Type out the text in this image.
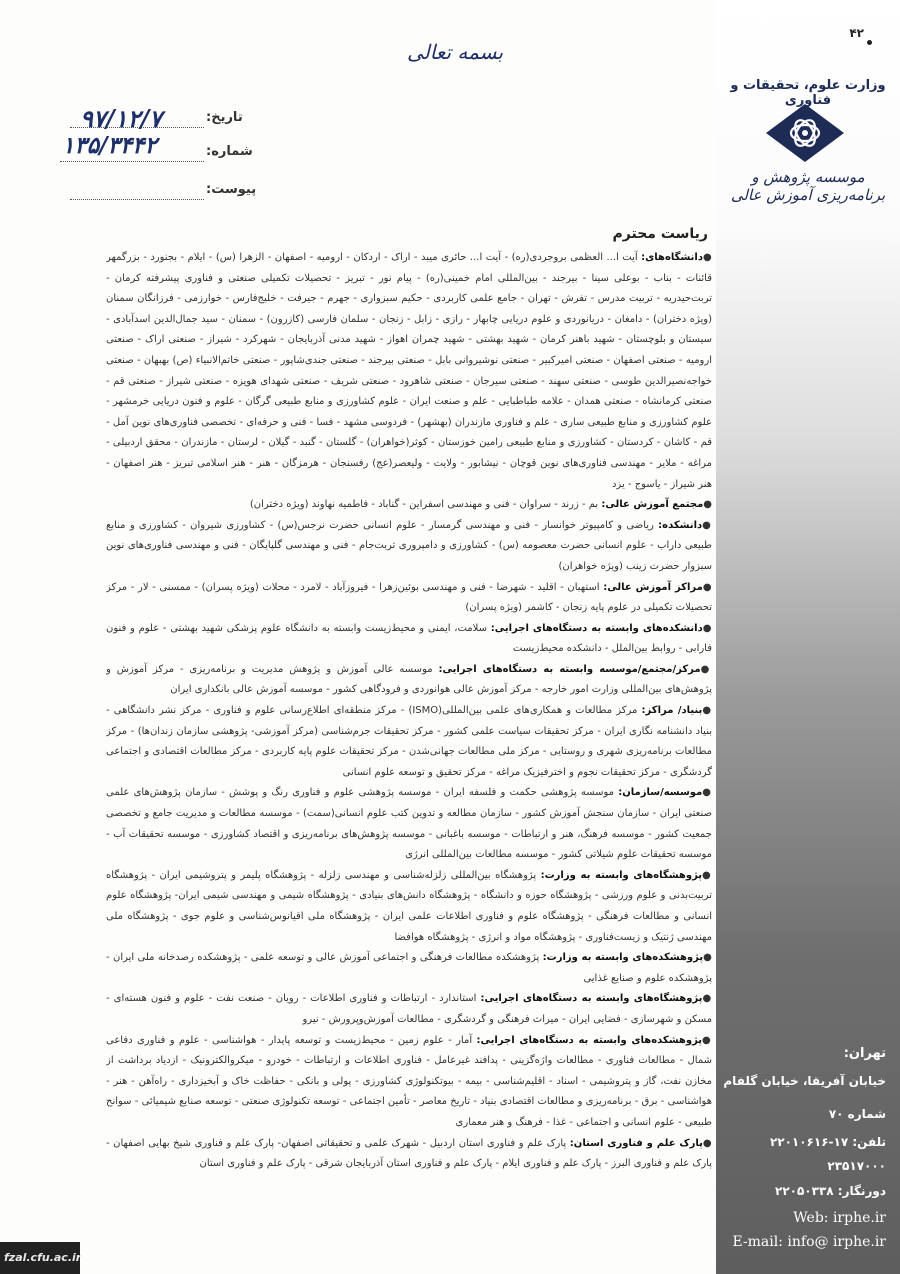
۴۲
وزارت علوم، تحقیقات و فناوری
موسسه پژوهش و برنامه‌ریزی آموزش عالی
تهران:
خیابان آفریقا، خیابان گلفام
شماره ۷۰
تلفن: ۱۷-۲۲۰۱۰۶۱۶
۲۳۵۱۷۰۰۰
دورنگار: ۲۲۰۵۰۳۳۸
Web: irphe.ir
E-mail: info@ irphe.ir
بسمه تعالی
تاریخ:
۹۷/۱۲/۷
شماره:
۱۳۵/۳۴۴۲
پیوست:
ریاست محترم

●دانشگاه‌های: آیت ا... العظمی بروجردی(ره) - آیت ا... حائری میبد - اراک - اردکان - ارومیه - اصفهان - الزهرا (س) - ایلام - بجنورد - بزرگمهر قائنات - بناب - بوعلی سینا - بیرجند - بین‌المللی امام خمینی(ره) - پیام نور - تبریز - تحصیلات تکمیلی صنعتی و فناوری پیشرفته کرمان - تربت‌حیدریه - تربیت مدرس - تفرش - تهران - جامع علمی کاربردی - حکیم سبزواری - جهرم - جیرفت - خلیج‌فارس - خوارزمی - فرزانگان سمنان (ویژه دختران) - دامغان - دریانوردی و علوم دریایی چابهار - رازی - زابل - زنجان - سلمان فارسی (کازرون) - سمنان - سید جمال‌الدین اسدآبادی - سیستان و بلوچستان - شهید باهنر کرمان - شهید بهشتی - شهید چمران اهواز - شهید مدنی آذربایجان - شهرکرد - شیراز - صنعتی اراک - صنعتی ارومیه - صنعتی اصفهان - صنعتی امیرکبیر - صنعتی نوشیروانی بابل - صنعتی بیرجند - صنعتی جندی‌شاپور - صنعتی خاتم‌الانبیاء (ص) بهبهان - صنعتی خواجه‌نصیرالدین طوسی - صنعتی سهند - صنعتی سیرجان - صنعتی شاهرود - صنعتی شریف - صنعتی شهدای هویزه - صنعتی شیراز - صنعتی قم - صنعتی کرمانشاه - صنعتی همدان - علامه طباطبایی - علم و صنعت ایران - علوم کشاورزی و منابع طبیعی گرگان - علوم و فنون دریایی خرمشهر - علوم کشاورزی و منابع طبیعی ساری - علم و فناوری مازندران (بهشهر) - فردوسی مشهد - فسا - فنی و حرفه‌ای - تخصصی فناوری‌های نوین آمل - قم - کاشان - کردستان - کشاورزی و منابع طبیعی رامین خوزستان - کوثر(خواهران) - گلستان - گنبد - گیلان - لرستان - مازندران - محقق اردبیلی - مراغه - ملایر - مهندسی فناوری‌های نوین قوچان - نیشابور - ولایت - ولیعصر(عج) رفسنجان - هرمزگان - هنر - هنر اسلامی تبریز - هنر اصفهان - هنر شیراز - یاسوج - یزد

●مجتمع آموزش عالی: بم - زرند - سراوان - فنی و مهندسی اسفراین - گناباد - فاطمیه نهاوند (ویژه دختران)

●دانشکده: ریاضی و کامپیوتر خوانسار - فنی و مهندسی گرمسار - علوم انسانی حضرت نرجس(س) - کشاورزی شیروان - کشاورزی و منابع طبیعی داراب - علوم انسانی حضرت معصومه (س) - کشاورزی و دامپروری تربت‌جام - فنی و مهندسی گلپایگان - فنی و مهندسی فناوری‌های نوین سبزوار حضرت زینب (ویژه خواهران)

●مراکز آموزش عالی: استهبان - اقلید - شهرضا - فنی و مهندسی بوئین‌زهرا - فیروزآباد - لامرد - محلات (ویژه پسران) - ممسنی - لار - مرکز تحصیلات تکمیلی در علوم پایه زنجان - کاشمر (ویژه پسران)

●دانشکده‌های وابسته به دستگاه‌های اجرایی: سلامت، ایمنی و محیط‌زیست وابسته به دانشگاه علوم پزشکی شهید بهشتی - علوم و فنون فارابی - روابط بین‌الملل - دانشکده محیط‌زیست

●مرکز/مجتمع/موسسه وابسته به دستگاه‌های اجرایی: موسسه عالی آموزش و پژوهش مدیریت و برنامه‌ریزی - مرکز آموزش و پژوهش‌های بین‌المللی وزارت امور خارجه - مرکز آموزش عالی هوانوردی و فرودگاهی کشور - موسسه آموزش عالی بانکداری ایران

●بنیاد/ مراکز: مرکز مطالعات و همکاری‌های علمی بین‌المللی(ISMO) - مرکز منطقه‌ای اطلاع‌رسانی علوم و فناوری - مرکز نشر دانشگاهی - بنیاد دانشنامه نگاری ایران - مرکز تحقیقات سیاست علمی کشور - مرکز تحقیقات جرم‌شناسی (مرکز آموزشی- پژوهشی سازمان زندان‌ها) - مرکز مطالعات برنامه‌ریزی شهری و روستایی - مرکز ملی مطالعات جهانی‌شدن - مرکز تحقیقات علوم پایه کاربردی - مرکز مطالعات اقتصادی و اجتماعی گردشگری - مرکز تحقیقات نجوم و اخترفیزیک مراغه - مرکز تحقیق و توسعه علوم انسانی

●موسسه/سازمان: موسسه پژوهشی حکمت و فلسفه ایران - موسسه پژوهشی علوم و فناوری رنگ و پوشش - سازمان پژوهش‌های علمی صنعتی ایران - سازمان سنجش آموزش کشور - سازمان مطالعه و تدوین کتب علوم انسانی(سمت) - موسسه مطالعات و مدیریت جامع و تخصصی جمعیت کشور - موسسه فرهنگ، هنر و ارتباطات - موسسه باغبانی - موسسه پژوهش‌های برنامه‌ریزی و اقتصاد کشاورزی - موسسه تحقیقات آب - موسسه تحقیقات علوم شیلاتی کشور - موسسه مطالعات بین‌المللی انرژی

●پژوهشگاه‌های وابسته به وزارت: پژوهشگاه بین‌المللی زلزله‌شناسی و مهندسی زلزله - پژوهشگاه پلیمر و پتروشیمی ایران - پژوهشگاه تربیت‌بدنی و علوم ورزشی - پژوهشگاه حوزه و دانشگاه - پژوهشگاه دانش‌های بنیادی - پژوهشگاه شیمی و مهندسی شیمی ایران- پژوهشگاه علوم انسانی و مطالعات فرهنگی - پژوهشگاه علوم و فناوری اطلاعات علمی ایران - پژوهشگاه ملی اقیانوس‌شناسی و علوم جوی - پژوهشگاه ملی مهندسی ژنتیک و زیست‌فناوری - پژوهشگاه مواد و انرژی - پژوهشگاه هوافضا

●پژوهشکده‌های وابسته به وزارت: پژوهشکده مطالعات فرهنگی و اجتماعی آموزش عالی و توسعه علمی - پژوهشکده رصدخانه ملی ایران - پژوهشکده علوم و صنایع غذایی

●پژوهشگاه‌های وابسته به دستگاه‌های اجرایی: استاندارد - ارتباطات و فناوری اطلاعات - رویان - صنعت نفت - علوم و فنون هسته‌ای - مسکن و شهرسازی - فضایی ایران - میراث فرهنگی و گردشگری - مطالعات آموزش‌وپرورش - نیرو

●پژوهشکده‌های وابسته به دستگاه‌های اجرایی: آمار - علوم زمین - محیط‌زیست و توسعه پایدار - هواشناسی - علوم و فناوری دفاعی شمال - مطالعات فناوری - مطالعات واژه‌گزینی - پدافند غیرعامل - فناوری اطلاعات و ارتباطات - خودرو - میکروالکترونیک - ازدیاد برداشت از مخازن نفت، گاز و پتروشیمی - اسناد - اقلیم‌شناسی - بیمه - بیوتکنولوژی کشاورزی - پولی و بانکی - حفاظت خاک و آبخیزداری - راه‌آهن - هنر - هواشناسی - برق - برنامه‌ریزی و مطالعات اقتصادی بنیاد - تاریخ معاصر - تأمین اجتماعی - توسعه تکنولوژی صنعتی - توسعه صنایع شیمیائی - سوانح طبیعی - علوم انسانی و اجتماعی - غذا - فرهنگ و هنر معماری

●پارک علم و فناوری استان: پارک علم و فناوری استان اردبیل - شهرک علمی و تحقیقاتی اصفهان- پارک علم و فناوری شیخ بهایی اصفهان - پارک علم و فناوری البرز - پارک علم و فناوری ایلام - پارک علم و فناوری استان آذربایجان شرقی - پارک علم و فناوری استان

fzal.cfu.ac.ir
